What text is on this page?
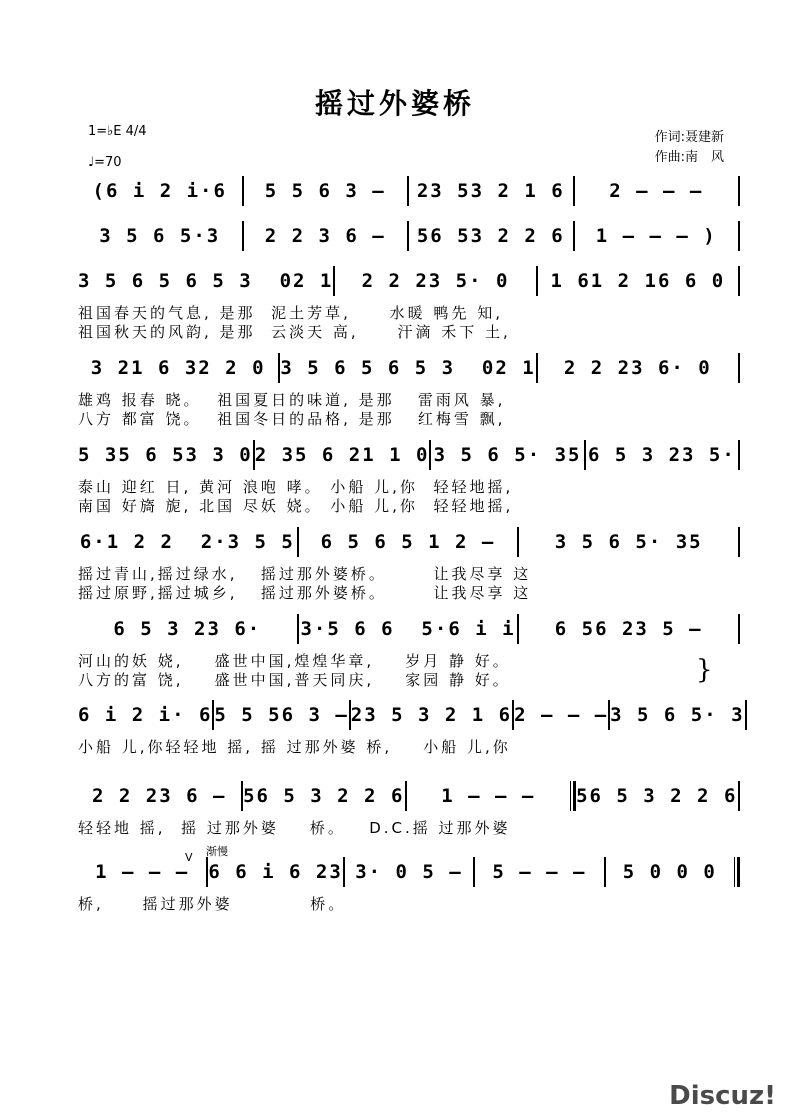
摇过外婆桥
1=♭E 4/4
♩=70
作词:聂建新
作曲:南　风
(6 i 2 i·6	5 5 6 3 –	23 53 2 1 6	2 – – –
3 5 6 5·3	2 2 3 6 –	56 53 2 2 6	1 – – – )
3 5 6 5 6 5 3  02 1	2 2 23 5· 0	1 61 2 16 6 0
祖国春天的气息, 是那  泥土芳草,     水暖 鸭先 知,
祖国秋天的风韵, 是那  云淡天 高,     汗滴 禾下 土,
3 21 6 32 2 0 3 5 6 5 6 5 3  02 1	2 2 23 6· 0
雄鸡 报春 晓。  祖国夏日的味道, 是那   雷雨风 暴,
八方 都富 饶。  祖国冬日的品格, 是那   红梅雪 飘,
5 35 6 53 3 0 2 35 6 21 1 0 3 5 6 5· 35 6 5 3 23 5·
泰山 迎红 日, 黄河 浪咆 哮。 小船 儿,你  轻轻地摇,
南国 好旖 旎, 北国 尽妖 娆。 小船 儿,你  轻轻地摇,
6·1 2 2  2·3 5 5	6 5 6 5 1 2 –	3 5 6 5· 35
摇过青山,摇过绿水,   摇过那外婆桥。      让我尽享 这
摇过原野,摇过城乡,   摇过那外婆桥。      让我尽享 这
6 5 3 23 6·	3·5 6 6  5·6 i i	6 56 23 5 –
河山的妖 娆,    盛世中国,煌煌华章,    岁月 静 好。
八方的富 饶,    盛世中国,普天同庆,    家园 静 好。
6 i 2 i· 6 5 5 56 3 – 23 5 3 2 1 6 2 – – – 3 5 6 5· 3
小船 儿,你轻轻地 摇, 摇 过那外婆 桥,    小船 儿,你
2 2 23 6 – 56 5 3 2 2 6	1 – – –	56 5 3 2 2 6
轻轻地 摇,  摇 过那外婆    桥。   D.C.摇 过那外婆
1 – – –	6 6 i 6 23 3· 0 5 –	5 – – –	5 0 0 0
桥,     摇过那外婆          桥。
V 渐慢
}
Discuz!
